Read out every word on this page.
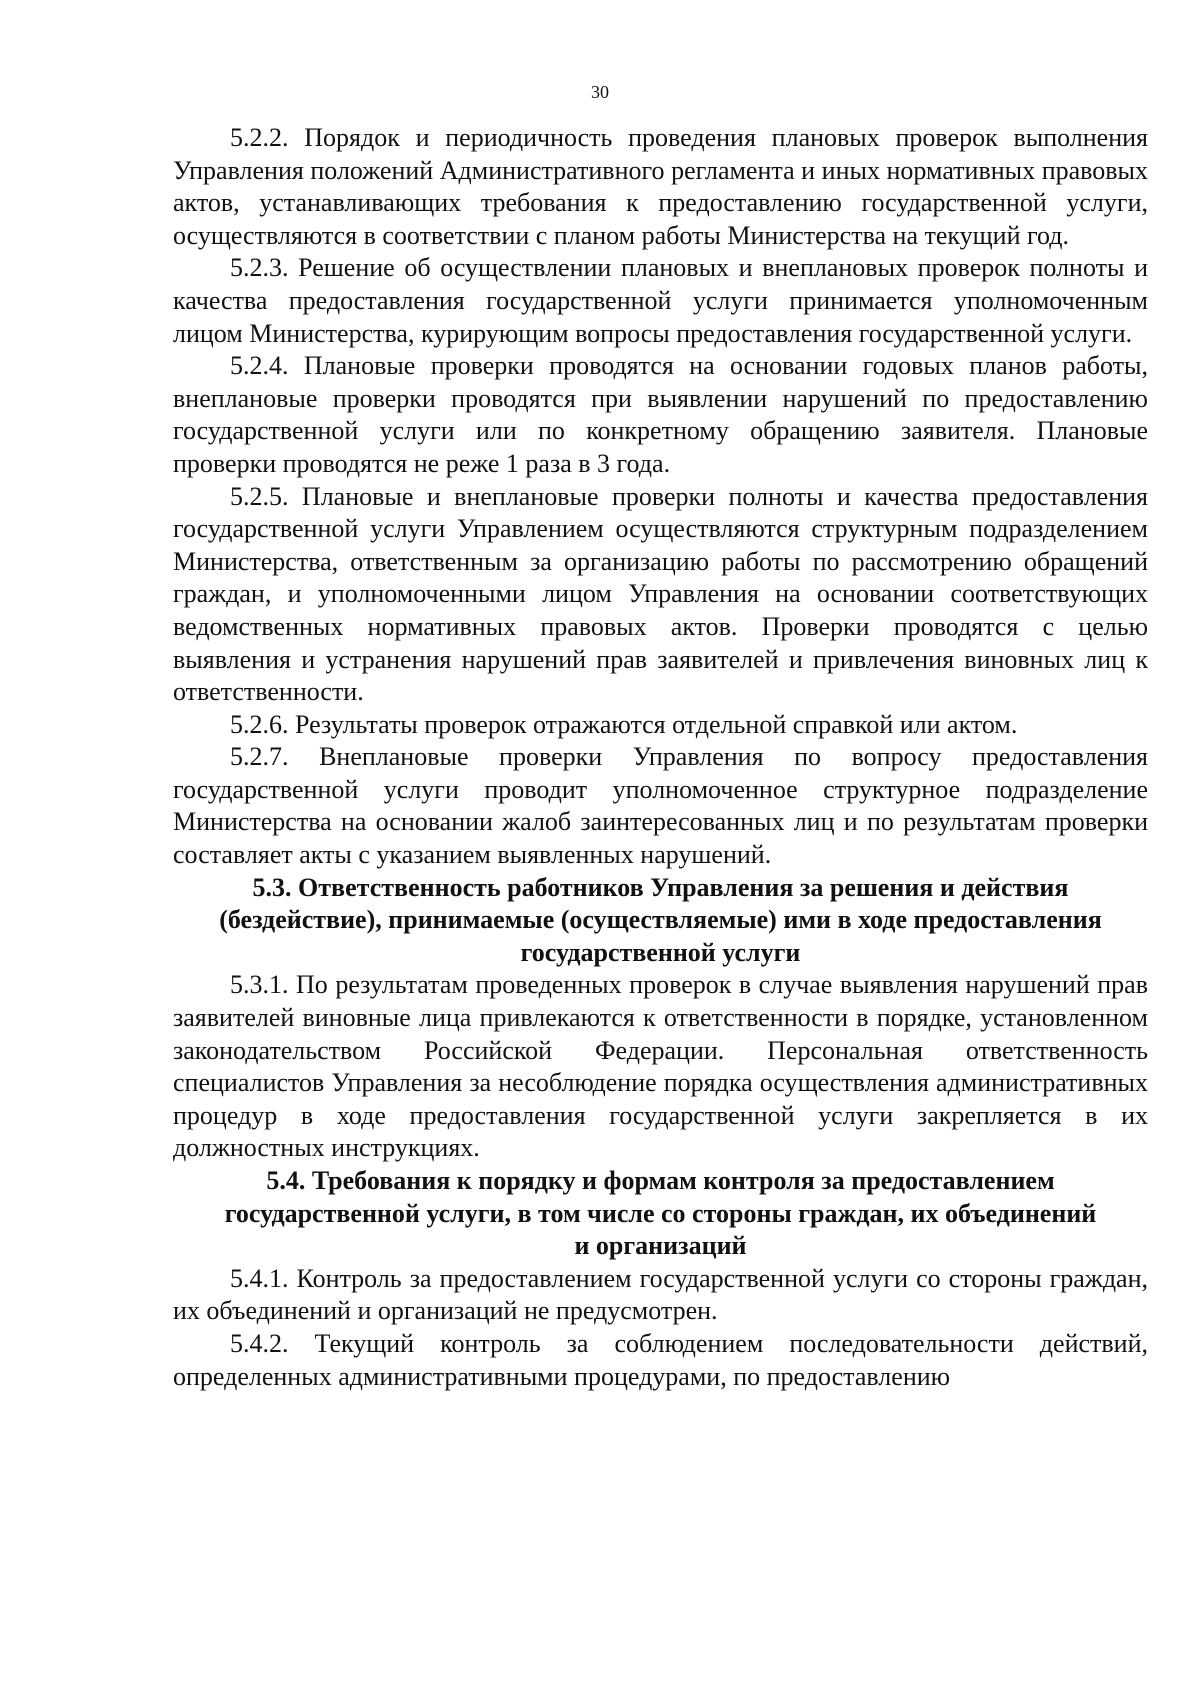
30

5.2.2. Порядок и периодичность проведения плановых проверок выполнения Управления положений Административного регламента и иных нормативных правовых актов, устанавливающих требования к предоставлению государственной услуги, осуществляются в соответствии с планом работы Министерства на текущий год.

5.2.3. Решение об осуществлении плановых и внеплановых проверок полноты и качества предоставления государственной услуги принимается уполномоченным лицом Министерства, курирующим вопросы предоставления государственной услуги.

5.2.4. Плановые проверки проводятся на основании годовых планов работы, внеплановые проверки проводятся при выявлении нарушений по предоставлению государственной услуги или по конкретному обращению заявителя. Плановые проверки проводятся не реже 1 раза в 3 года.

5.2.5. Плановые и внеплановые проверки полноты и качества предоставления государственной услуги Управлением осуществляются структурным подразделением Министерства, ответственным за организацию работы по рассмотрению обращений граждан, и уполномоченными лицом Управления на основании соответствующих ведомственных нормативных правовых актов. Проверки проводятся с целью выявления и устранения нарушений прав заявителей и привлечения виновных лиц к ответственности.

5.2.6. Результаты проверок отражаются отдельной справкой или актом.

5.2.7. Внеплановые проверки Управления по вопросу предоставления государственной услуги проводит уполномоченное структурное подразделение Министерства на основании жалоб заинтересованных лиц и по результатам проверки составляет акты с указанием выявленных нарушений.

5.3. Ответственность работников Управления за решения и действия
(бездействие), принимаемые (осуществляемые) ими в ходе предоставления
государственной услуги

5.3.1. По результатам проведенных проверок в случае выявления нарушений прав заявителей виновные лица привлекаются к ответственности в порядке, установленном законодательством Российской Федерации. Персональная ответственность специалистов Управления за несоблюдение порядка осуществления административных процедур в ходе предоставления государственной услуги закрепляется в их должностных инструкциях.

5.4. Требования к порядку и формам контроля за предоставлением
государственной услуги, в том числе со стороны граждан, их объединений
и организаций

5.4.1. Контроль за предоставлением государственной услуги со стороны граждан, их объединений и организаций не предусмотрен.

5.4.2. Текущий контроль за соблюдением последовательности действий, определенных административными процедурами, по предоставлению
